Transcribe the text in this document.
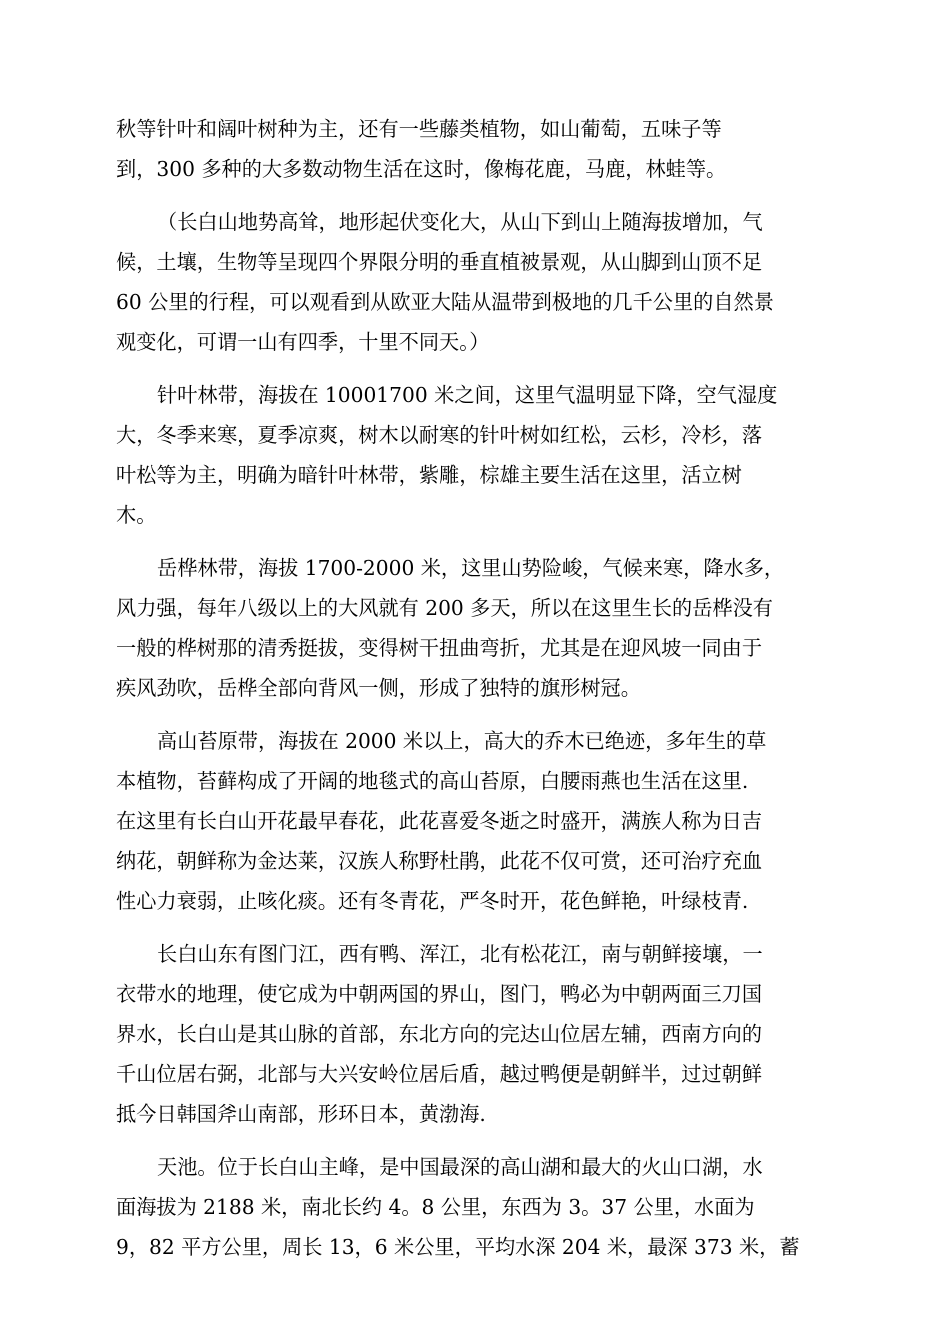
秋等针叶和阔叶树种为主，还有一些藤类植物，如山葡萄，五味子等
到，300 多种的大多数动物生活在这时，像梅花鹿，马鹿，林蛙等。
（长白山地势高耸，地形起伏变化大，从山下到山上随海拔增加，气
候，土壤，生物等呈现四个界限分明的垂直植被景观，从山脚到山顶不足
60 公里的行程，可以观看到从欧亚大陆从温带到极地的几千公里的自然景
观变化，可谓一山有四季，十里不同天。）
针叶林带，海拔在 10001700 米之间，这里气温明显下降，空气湿度
大，冬季来寒，夏季凉爽，树木以耐寒的针叶树如红松，云杉，冷杉，落
叶松等为主，明确为暗针叶林带，紫雕，棕雄主要生活在这里，活立树
木。
岳桦林带，海拔 1700-2000 米，这里山势险峻，气候来寒，降水多，
风力强，每年八级以上的大风就有 200 多天，所以在这里生长的岳桦没有
一般的桦树那的清秀挺拔，变得树干扭曲弯折，尤其是在迎风坡一同由于
疾风劲吹，岳桦全部向背风一侧，形成了独特的旗形树冠。
高山苔原带，海拔在 2000 米以上，高大的乔木已绝迹，多年生的草
本植物，苔藓构成了开阔的地毯式的高山苔原，白腰雨燕也生活在这里.
在这里有长白山开花最早春花，此花喜爱冬逝之时盛开，满族人称为日吉
纳花，朝鲜称为金达莱，汉族人称野杜鹃，此花不仅可赏，还可治疗充血
性心力衰弱，止咳化痰。还有冬青花，严冬时开，花色鲜艳，叶绿枝青.
长白山东有图门江，西有鸭、浑江，北有松花江，南与朝鲜接壤，一
衣带水的地理，使它成为中朝两国的界山，图门，鸭必为中朝两面三刀国
界水，长白山是其山脉的首部，东北方向的完达山位居左辅，西南方向的
千山位居右弼，北部与大兴安岭位居后盾，越过鸭便是朝鲜半，过过朝鲜
抵今日韩国斧山南部，形环日本，黄渤海.
天池。位于长白山主峰，是中国最深的高山湖和最大的火山口湖，水
面海拔为 2188 米，南北长约 4。8 公里，东西为 3。37 公里，水面为
9，82 平方公里，周长 13，6 米公里，平均水深 204 米，最深 373 米，蓄
